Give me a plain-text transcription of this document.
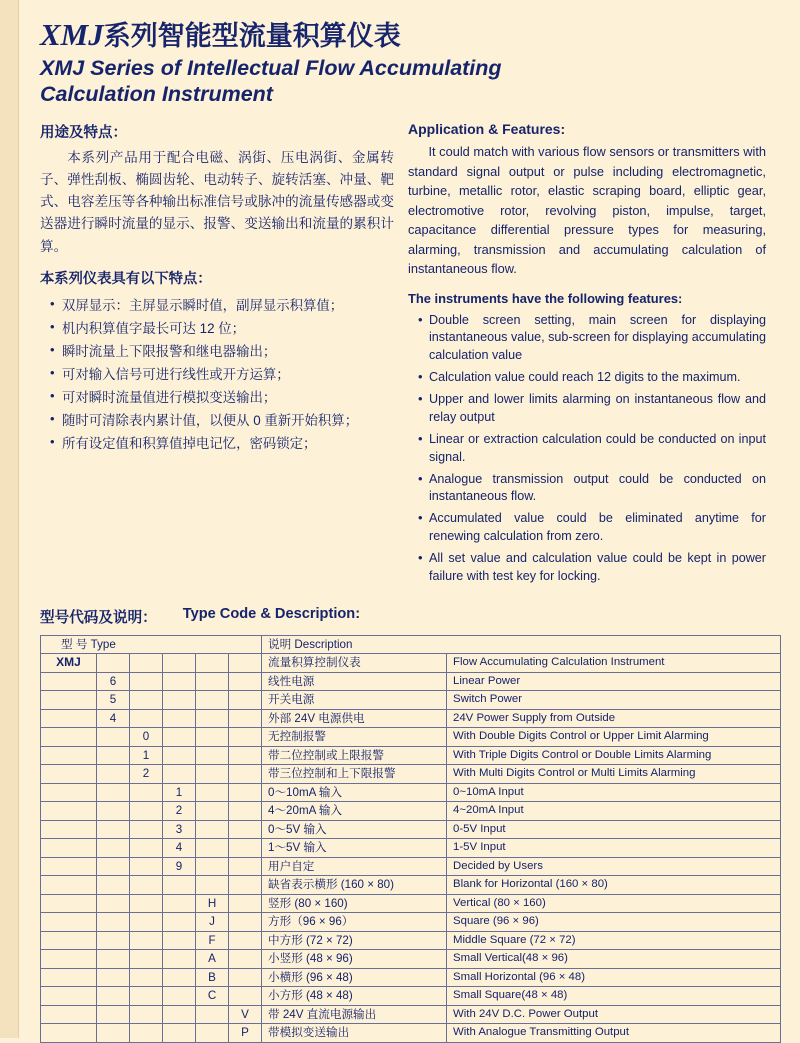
XMJ系列智能型流量积算仪表
XMJ Series of Intellectual Flow Accumulating
Calculation Instrument
用途及特点：

本系列产品用于配合电磁、涡街、压电涡街、金属转子、弹性刮板、椭圆齿轮、电动转子、旋转活塞、冲量、靶式、电容差压等各种输出标准信号或脉冲的流量传感器或变送器进行瞬时流量的显示、报警、变送输出和流量的累积计算。

本系列仪表具有以下特点：
• 双屏显示：主屏显示瞬时值，副屏显示积算值；
• 机内积算值字最长可达 12 位；
• 瞬时流量上下限报警和继电器输出；
• 可对输入信号可进行线性或开方运算；
• 可对瞬时流量值进行模拟变送输出；
• 随时可清除表内累计值，以便从 0 重新开始积算；
• 所有设定值和积算值掉电记忆，密码锁定；
Application & Features:

It could match with various flow sensors or transmitters with standard signal output or pulse including electromagnetic, turbine, metallic rotor, elastic scraping board, elliptic gear, electromotive rotor, revolving piston, impulse, target, capacitance differential pressure types for measuring, alarming, transmission and accumulating calculation of instantaneous flow.

The instruments have the following features:
• Double screen setting, main screen for displaying instantaneous value, sub-screen for displaying accumulating calculation value
• Calculation value could reach 12 digits to the maximum.
• Upper and lower limits alarming on instantaneous flow and relay output
• Linear or extraction calculation could be conducted on input signal.
• Analogue transmission output could be conducted on instantaneous flow.
• Accumulated value could be eliminated anytime for renewing calculation from zero.
• All set value and calculation value could be kept in power failure with test key for locking.
型号代码及说明： Type Code & Description:
型 号 Type						说明 Description	
XMJ						流量积算控制仪表	Flow Accumulating Calculation Instrument
	6					线性电源	Linear Power
	5					开关电源	Switch Power
	4					外部 24V 电源供电	24V Power Supply from Outside
		0				无控制报警	With Double Digits Control or Upper Limit Alarming
		1				带二位控制或上限报警	With Triple Digits Control or Double Limits Alarming
		2				带三位控制和上下限报警	With Multi Digits Control or Multi Limits Alarming
			1			0～10mA 输入	0~10mA Input
			2			4～20mA 输入	4~20mA Input
			3			0～5V 输入	0-5V Input
			4			1～5V 输入	1-5V Input
			9			用户自定	Decided by Users
						缺省表示横形 (160 × 80)	Blank for Horizontal (160 × 80)
				H		竖形 (80 × 160)	Vertical (80 × 160)
				J		方形（96 × 96）	Square (96 × 96)
				F		中方形 (72 × 72)	Middle Square (72 × 72)
				A		小竖形 (48 × 96)	Small Vertical(48 × 96)
				B		小横形 (96 × 48)	Small Horizontal (96 × 48)
				C		小方形 (48 × 48)	Small Square(48 × 48)
					V	带 24V 直流电源输出	With 24V D.C. Power Output
					P	带模拟变送输出	With Analogue Transmitting Output
